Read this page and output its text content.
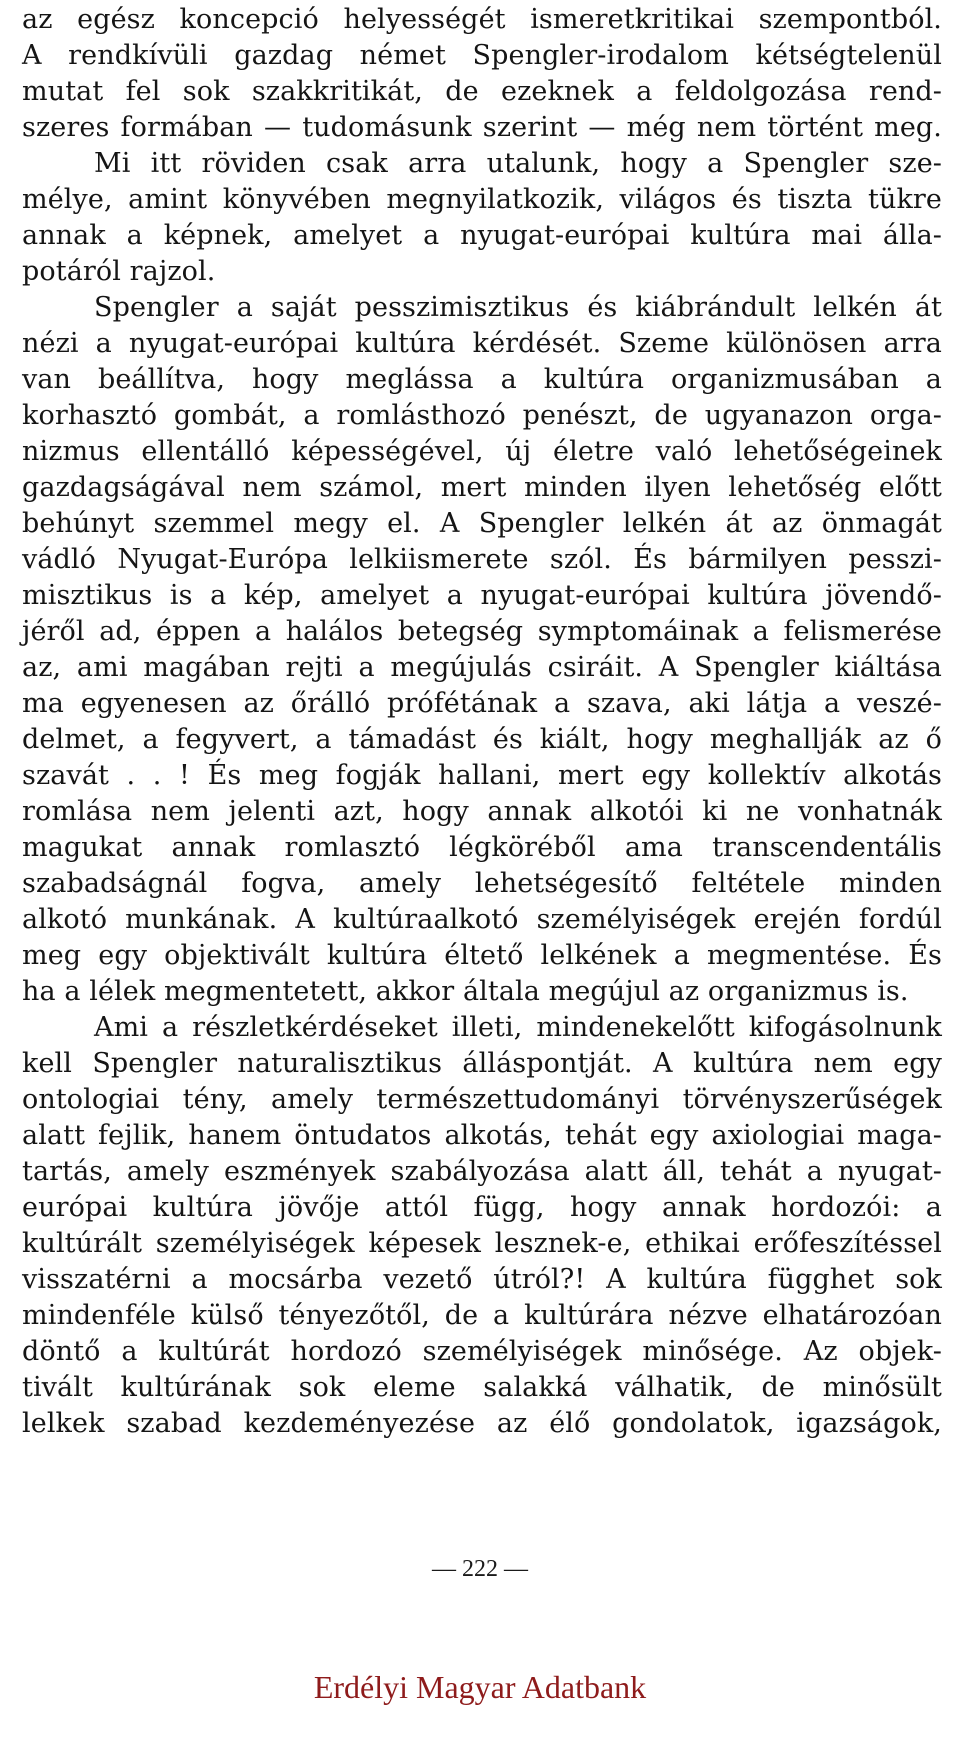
az egész koncepció helyességét ismeretkritikai szempontból.
A rendkívüli gazdag német Spengler-irodalom kétségtelenül
mutat fel sok szakkritikát, de ezeknek a feldolgozása rend-
szeres formában — tudomásunk szerint — még nem történt meg.
Mi itt röviden csak arra utalunk, hogy a Spengler sze-
mélye, amint könyvében megnyilatkozik, világos és tiszta tükre
annak a képnek, amelyet a nyugat-európai kultúra mai álla-
potáról rajzol.
Spengler a saját pesszimisztikus és kiábrándult lelkén át
nézi a nyugat-európai kultúra kérdését. Szeme különösen arra
van beállítva, hogy meglássa a kultúra organizmusában a
korhasztó gombát, a romlásthozó penészt, de ugyanazon orga-
nizmus ellentálló képességével, új életre való lehetőségeinek
gazdagságával nem számol, mert minden ilyen lehetőség előtt
behúnyt szemmel megy el. A Spengler lelkén át az önmagát
vádló Nyugat-Európa lelkiismerete szól. És bármilyen pesszi-
misztikus is a kép, amelyet a nyugat-európai kultúra jövendő-
jéről ad, éppen a halálos betegség symptomáinak a felismerése
az, ami magában rejti a megújulás csiráit. A Spengler kiáltása
ma egyenesen az őrálló prófétának a szava, aki látja a veszé-
delmet, a fegyvert, a támadást és kiált, hogy meghallják az ő
szavát . . ! És meg fogják hallani, mert egy kollektív alkotás
romlása nem jelenti azt, hogy annak alkotói ki ne vonhatnák
magukat annak romlasztó légköréből ama transcendentális
szabadságnál fogva, amely lehetségesítő feltétele minden
alkotó munkának. A kultúraalkotó személyiségek erején fordúl
meg egy objektivált kultúra éltető lelkének a megmentése. És
ha a lélek megmentetett, akkor általa megújul az organizmus is.
Ami a részletkérdéseket illeti, mindenekelőtt kifogásolnunk
kell Spengler naturalisztikus álláspontját. A kultúra nem egy
ontologiai tény, amely természettudományi törvényszerűségek
alatt fejlik, hanem öntudatos alkotás, tehát egy axiologiai maga-
tartás, amely eszmények szabályozása alatt áll, tehát a nyugat-
európai kultúra jövője attól függ, hogy annak hordozói: a
kultúrált személyiségek képesek lesznek-e, ethikai erőfeszítéssel
visszatérni a mocsárba vezető útról?! A kultúra függhet sok
mindenféle külső tényezőtől, de a kultúrára nézve elhatározóan
döntő a kultúrát hordozó személyiségek minősége. Az objek-
tivált kultúrának sok eleme salakká válhatik, de minősült
lelkek szabad kezdeményezése az élő gondolatok, igazságok,
— 222 —
Erdélyi Magyar Adatbank
